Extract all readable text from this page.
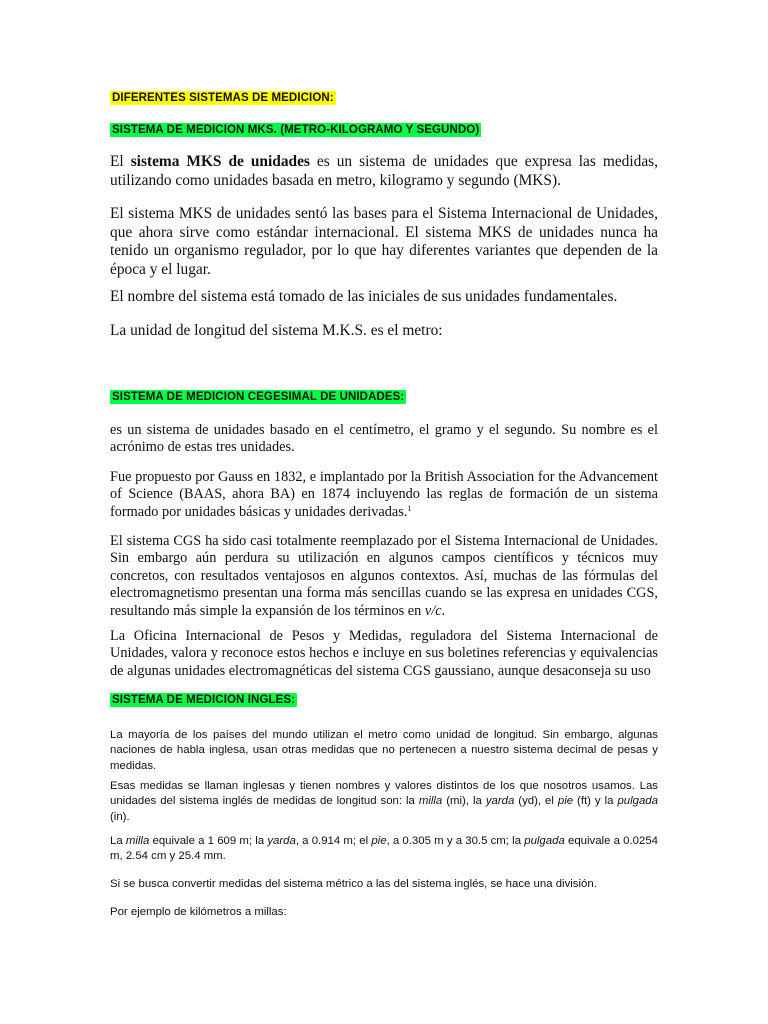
DIFERENTES SISTEMAS DE MEDICION:
SISTEMA DE MEDICION MKS. (METRO-KILOGRAMO Y SEGUNDO)

El sistema MKS de unidades es un sistema de unidades que expresa las medidas, utilizando como unidades basada en metro, kilogramo y segundo (MKS).

El sistema MKS de unidades sentó las bases para el Sistema Internacional de Unidades, que ahora sirve como estándar internacional. El sistema MKS de unidades nunca ha tenido un organismo regulador, por lo que hay diferentes variantes que dependen de la época y el lugar.

El nombre del sistema está tomado de las iniciales de sus unidades fundamentales.

La unidad de longitud del sistema M.K.S. es el metro:

SISTEMA DE MEDICION CEGESIMAL DE UNIDADES:

es un sistema de unidades basado en el centímetro, el gramo y el segundo. Su nombre es el acrónimo de estas tres unidades.

Fue propuesto por Gauss en 1832, e implantado por la British Association for the Advancement of Science (BAAS, ahora BA) en 1874 incluyendo las reglas de formación de un sistema formado por unidades básicas y unidades derivadas.$^1$

El sistema CGS ha sido casi totalmente reemplazado por el Sistema Internacional de Unidades. Sin embargo aún perdura su utilización en algunos campos científicos y técnicos muy concretos, con resultados ventajosos en algunos contextos. Así, muchas de las fórmulas del electromagnetismo presentan una forma más sencillas cuando se las expresa en unidades CGS, resultando más simple la expansión de los términos en v/c.

La Oficina Internacional de Pesos y Medidas, reguladora del Sistema Internacional de Unidades, valora y reconoce estos hechos e incluye en sus boletines referencias y equivalencias de algunas unidades electromagnéticas del sistema CGS gaussiano, aunque desaconseja su uso

SISTEMA DE MEDICION INGLES:

La mayoría de los países del mundo utilizan el metro como unidad de longitud. Sin embargo, algunas naciones de habla inglesa, usan otras medidas que no pertenecen a nuestro sistema decimal de pesas y medidas.

Esas medidas se llaman inglesas y tienen nombres y valores distintos de los que nosotros usamos. Las unidades del sistema inglés de medidas de longitud son: la milla (mi), la yarda (yd), el pie (ft) y la pulgada (in).

La milla equivale a 1 609 m; la yarda, a 0.914 m; el pie, a 0.305 m y a 30.5 cm; la pulgada equivale a 0.0254 m, 2.54 cm y 25.4 mm.

Si se busca convertir medidas del sistema métrico a las del sistema inglés, se hace una división.

Por ejemplo de kilómetros a millas:
